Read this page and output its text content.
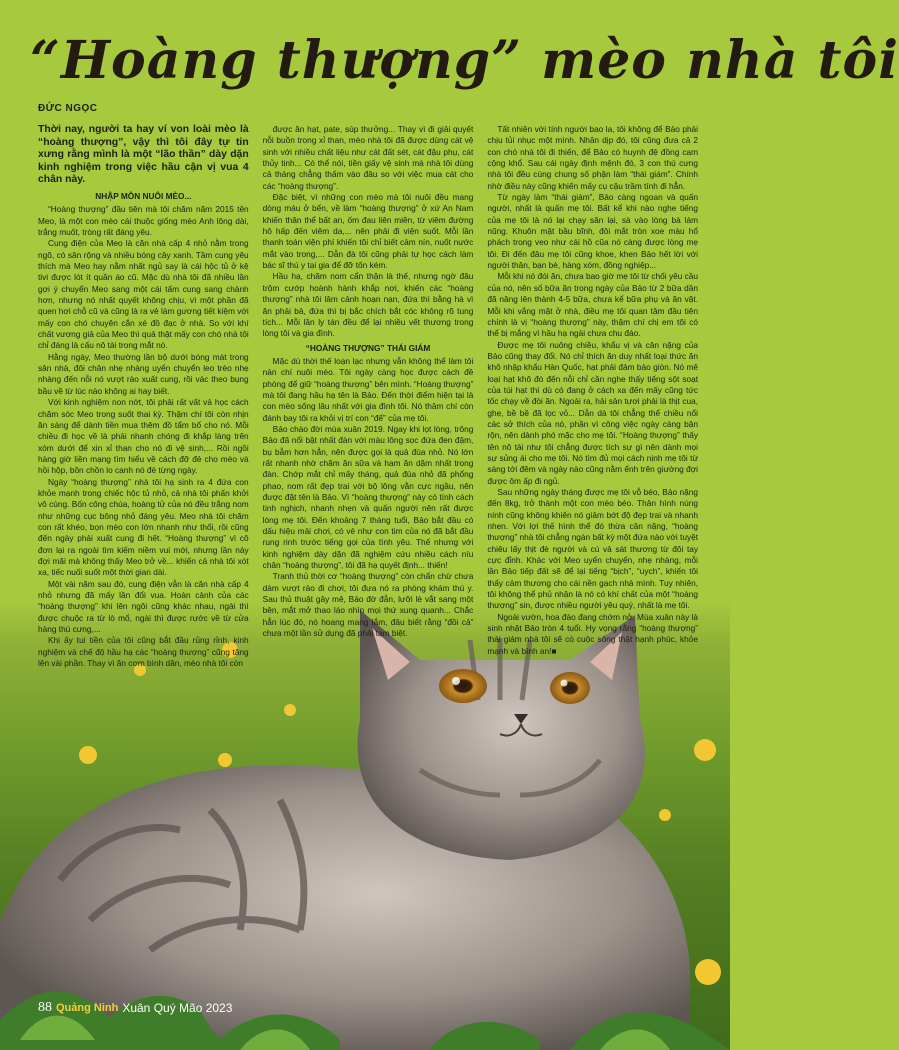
“Hoàng thượng” mèo nhà tôi
ĐỨC NGỌC

Thời nay, người ta hay ví von loài mèo là “hoàng thượng”, vậy thì tôi đây tự tin xưng rằng mình là một “lão thần” dày dặn kinh nghiệm trong việc hầu cận vị vua 4 chân này.

NHẬP MÔN NUÔI MÈO...

“Hoàng thượng” đầu tiên mà tôi chăm năm 2015 tên Meo, là một con mèo cái thuộc giống mèo Anh lông dài, trắng muốt, tròng rất đáng yêu.

Cung điện của Meo là căn nhà cấp 4 nhỏ nằm trong ngõ, có sân rộng và nhiều bóng cây xanh. Tầm cung yêu thích mà Meo hay nằm nhất ngủ say là cái hộc tủ ở kệ tivi được lót ít quần áo cũ. Mặc dù nhà tôi đã nhiều lần gợi ý chuyển Meo sang một cái tấm cung sang chảnh hơn, nhưng nó nhất quyết không chịu, vì một phần đã quen hơi chỗ cũ và cũng là ra vẻ làm gương tiết kiệm với mấy con chó chuyên cắn xé đồ đạc ở nhà. So với khí chất vương giả của Meo thì quả thật mấy con chó nhà tôi chỉ đáng là cấu nô tài trong mắt nó.

Hằng ngày, Meo thường lần bộ dưới bóng mát trong sân nhà, đôi chân nhẹ nhàng uyển chuyển leo trèo nhẹ nhàng đến nỗi nó vượt rào xuất cung, rồi vác theo bụng bầu về từ lúc nào không ai hay biết.

Với kinh nghiệm non nớt, tôi phải rất vất vả học cách chăm sóc Meo trong suốt thai kỳ. Thậm chí tôi còn nhịn ăn sáng để dành tiền mua thêm đồ tẩm bổ cho nó. Mỗi chiều đi học về là phải nhanh chóng đi khắp làng trên xóm dưới để xin xỉ than cho nó đi vệ sinh,... Rồi ngồi hàng giờ liền mạng tìm hiểu về cách đỡ đẻ cho mèo và hồi hộp, bồn chồn lo canh nó đẻ từng ngày.

Ngày “hoàng thượng” nhà tôi hạ sinh ra 4 đứa con khỏe mạnh trong chiếc hộc tủ nhỏ, cả nhà tôi phấn khởi vô cùng. Bốn công chúa, hoàng tử của nó đều trắng nom như những cục bông nhỏ đáng yêu. Meo nhà tôi chăm con rất khéo, bọn mèo con lớn nhanh như thổi, rồi cũng đến ngày phải xuất cung đi hết. “Hoàng thượng” vì cô đơn lại ra ngoài tìm kiếm niềm vui mới, nhưng lần này đợi mãi mà không thấy Meo trở về... khiến cả nhà tôi xót xa, tiếc nuối suốt một thời gian dài.

Một vài năm sau đó, cung điện vẫn là căn nhà cấp 4 nhỏ nhưng đã mấy lần đổi vua. Hoàn cảnh của các “hoàng thượng” khi lên ngôi cũng khác nhau, ngài thì được chuộc ra từ lò mổ, ngài thì được rước về từ cửa hàng thú cưng,...

Khi ấy tui tiền của tôi cũng bắt đầu rủng rỉnh, kinh nghiệm và chế độ hầu hạ các “hoàng thượng” cũng tăng lên vài phần. Thay vì ăn cơm bình dân, mèo nhà tôi còn

được ăn hạt, pate, súp thưởng... Thay vì đi giải quyết nỗi buồn trong xỉ than, mèo nhà tôi đã được dùng cát vệ sinh với nhiều chất liệu như cát đất sét, cát đậu phụ, cát thủy tinh... Có thể nói, tiền giấy vệ sinh mà nhà tôi dùng cả tháng chẳng thấm vào đâu so với việc mua cát cho các “hoàng thượng”.

Đặc biệt, vì những con mèo mà tôi nuôi đều mang dòng máu ở bển, về làm “hoàng thượng” ở xứ An Nam khiến thân thể bất an, ốm đau liên miên, từ viêm đường hô hấp đến viêm da,... nên phải đi viện suốt. Mỗi lần thanh toán viện phí khiến tôi chỉ biết cảm nín, nuốt nước mắt vào trong,... Dẫn đà tôi cũng phải tự học cách làm bác sĩ thú y tại gia để đỡ tốn kém.

Hầu hạ, chăm nom cẩn thận là thế, nhưng ngờ đâu trộm cướp hoành hành khắp nơi, khiến các “hoàng thượng” nhà tôi lâm cảnh hoạn nạn, đứa thì bằng hà vì ăn phải bả, đứa thì bị bắc chích bắt cóc không rõ tung tích... Mỗi lần ly tán đều để lại nhiều vết thương trong lòng tôi và gia đình.

“HOÀNG THƯỢNG” THÁI GIÁM

Mặc dù thời thế loạn lạc nhưng vẫn không thể làm tôi nản chí nuôi mèo. Tôi ngày càng học được cách đề phòng để giữ “hoàng thượng” bên mình. “Hoàng thượng” mà tôi đang hầu hạ tên là Bảo. Đến thời điểm hiện tại là con mèo sống lâu nhất với gia đình tôi. Nó thâm chí còn đánh bay tôi ra khỏi vị trí con “để” của mẹ tôi.

Bảo chào đời mùa xuân 2019. Ngay khi lọt lòng, trông Bảo đã nổi bật nhất đàn với màu lông sọc đứa đen đậm, bụ bẫm hơn hẳn, nên được gọi là quả đùa nhỏ. Nó lớn rất nhanh nhờ chăm ăn sữa và ham ăn dặm nhất trong đàn. Chớp mắt chỉ mấy tháng, quả đùa nhỏ đã phổng phao, nom rất đẹp trai với bộ lông vằn cực ngầu, nên được đặt tên là Bảo. Vì “hoàng thượng” này có tính cách tinh nghịch, nhanh nhẹn và quấn người nên rất được lòng mẹ tôi. Đến khoảng 7 tháng tuổi, Bảo bắt đầu có dấu hiệu mải chơi, có vẻ như con tim của nó đã bắt đầu rung rinh trước tiếng gọi của tình yêu. Thế nhưng với kinh nghiệm dày dặn đã nghiệm cứu nhiều cách níu chân “hoàng thượng”, tôi đã hạ quyết định... thiến!

Tranh thủ thời cơ “hoàng thượng” còn chẩn chừ chưa dám vượt rào đi chơi, tôi đưa nó ra phòng khám thú y. Sau thủ thuật gây mê, Bảo đờ đẫn, lưỡi lè vắt sang một bên, mắt mở thao láo nhìn mọi thứ xung quanh... Chắc hẳn lúc đó, nó hoang mang lắm, đâu biết rằng “đồi cả” chưa một lần sử dụng đã phải tạm biệt.

Tất nhiên với tính người bao la, tôi không để Bảo phải chịu tủi nhục một mình. Nhân dịp đó, tôi cũng đưa cả 2 con chó nhà tôi đi thiến, để Bảo có huynh đệ đồng cam cộng khổ. Sau cái ngày định mệnh đó, 3 con thú cưng nhà tôi đều cùng chung số phận làm “thái giám”. Chính nhờ điều này cũng khiến mấy cụ cậu trầm tính đi hẳn.

Từ ngày làm “thái giám”, Bảo càng ngoan và quấn người, nhất là quấn mẹ tôi. Bất kể khi nào nghe tiếng của mẹ tôi là nó lại chạy sân lại, sà vào lòng bà làm nũng. Khuôn mặt bầu bĩnh, đôi mắt tròn xoe màu hổ phách trong veo như cái hồ cũa nó càng được lòng mẹ tôi. Đi đến đâu mẹ tôi cũng khoe, khen Bảo hết lời với người thân, bạn bè, hàng xóm, đồng nghiệp...

Mỗi khi nó đói ăn, chưa bao giờ mẹ tôi từ chối yêu cầu của nó, nên số bữa ăn trong ngày của Bảo từ 2 bữa dần đã nâng lên thành 4-5 bữa, chưa kể bữa phụ và ăn vặt. Mỗi khi vắng mặt ở nhà, điều mẹ tôi quan tâm đầu tiên chính là vị “hoàng thượng” này, thậm chí chị em tôi có thể bị mắng vì hầu hạ ngài chưa chu đáo.

Được mẹ tôi nuông chiều, khẩu vị và cân nặng của Bảo cũng thay đổi. Nó chỉ thích ăn duy nhất loại thức ăn khô nhập khẩu Hàn Quốc, hạt phải đảm bảo giòn. Nó mê loại hạt khô đó đến nỗi chỉ cần nghe thấy tiếng sột soạt của túi hạt thì dù có đang ở cách xa đến mấy cũng tức tốc chạy về đòi ăn. Ngoài ra, hải sản tươi phải là thịt cua, ghẹ, bề bề đã lọc vỏ... Dẫn dà tôi chẳng thể chiều nổi các sở thích của nó, phần vì công việc ngày càng bận rộn, nên dành phó mặc cho mẹ tôi. “Hoàng thượng” thấy tên nô tài như tôi chẳng được tích sự gì nên dành mọi sự sủng ái cho mẹ tôi. Nó tìm đủ mọi cách nịnh mẹ tôi từ sáng tới đêm và ngày nào cũng nằm ểnh trên giường đợi được ôm ấp đi ngủ.

Sau những ngày tháng được mẹ tôi vỗ béo, Bảo nặng đến 8kg, trở thành một con mèo béo. Thân hình núng nính cũng không khiến nó giảm bớt độ đẹp trai và nhanh nhẹn. Với lợi thế hình thể đó thừa cân nặng, “hoàng thượng” nhà tôi chẳng ngán bất kỳ một đứa nào với tuyệt chiêu lấy thịt đè người và cú vả sát thương từ đôi tay cực đỉnh. Khác với Meo uyển chuyển, nhẹ nhàng, mỗi lần Bảo tiếp đất sẽ để lại tiếng “bịch”, “uych”, khiến tôi thấy cảm thương cho cái nền gạch nhà mình. Tuy nhiên, tôi không thể phủ nhận là nó có khí chất của một “hoàng thượng” sin, được nhiều người yêu quý, nhất là mẹ tôi.

Ngoài vườn, hoa đào đang chớm nở. Mùa xuân này là sinh nhật Bảo tròn 4 tuổi. Hy vọng rằng “hoàng thượng” thái giám nhà tôi sẽ có cuộc sống thật hạnh phúc, khỏe mạnh và bình an!■

88 Quảng Ninh Xuân Quý Mão 2023
